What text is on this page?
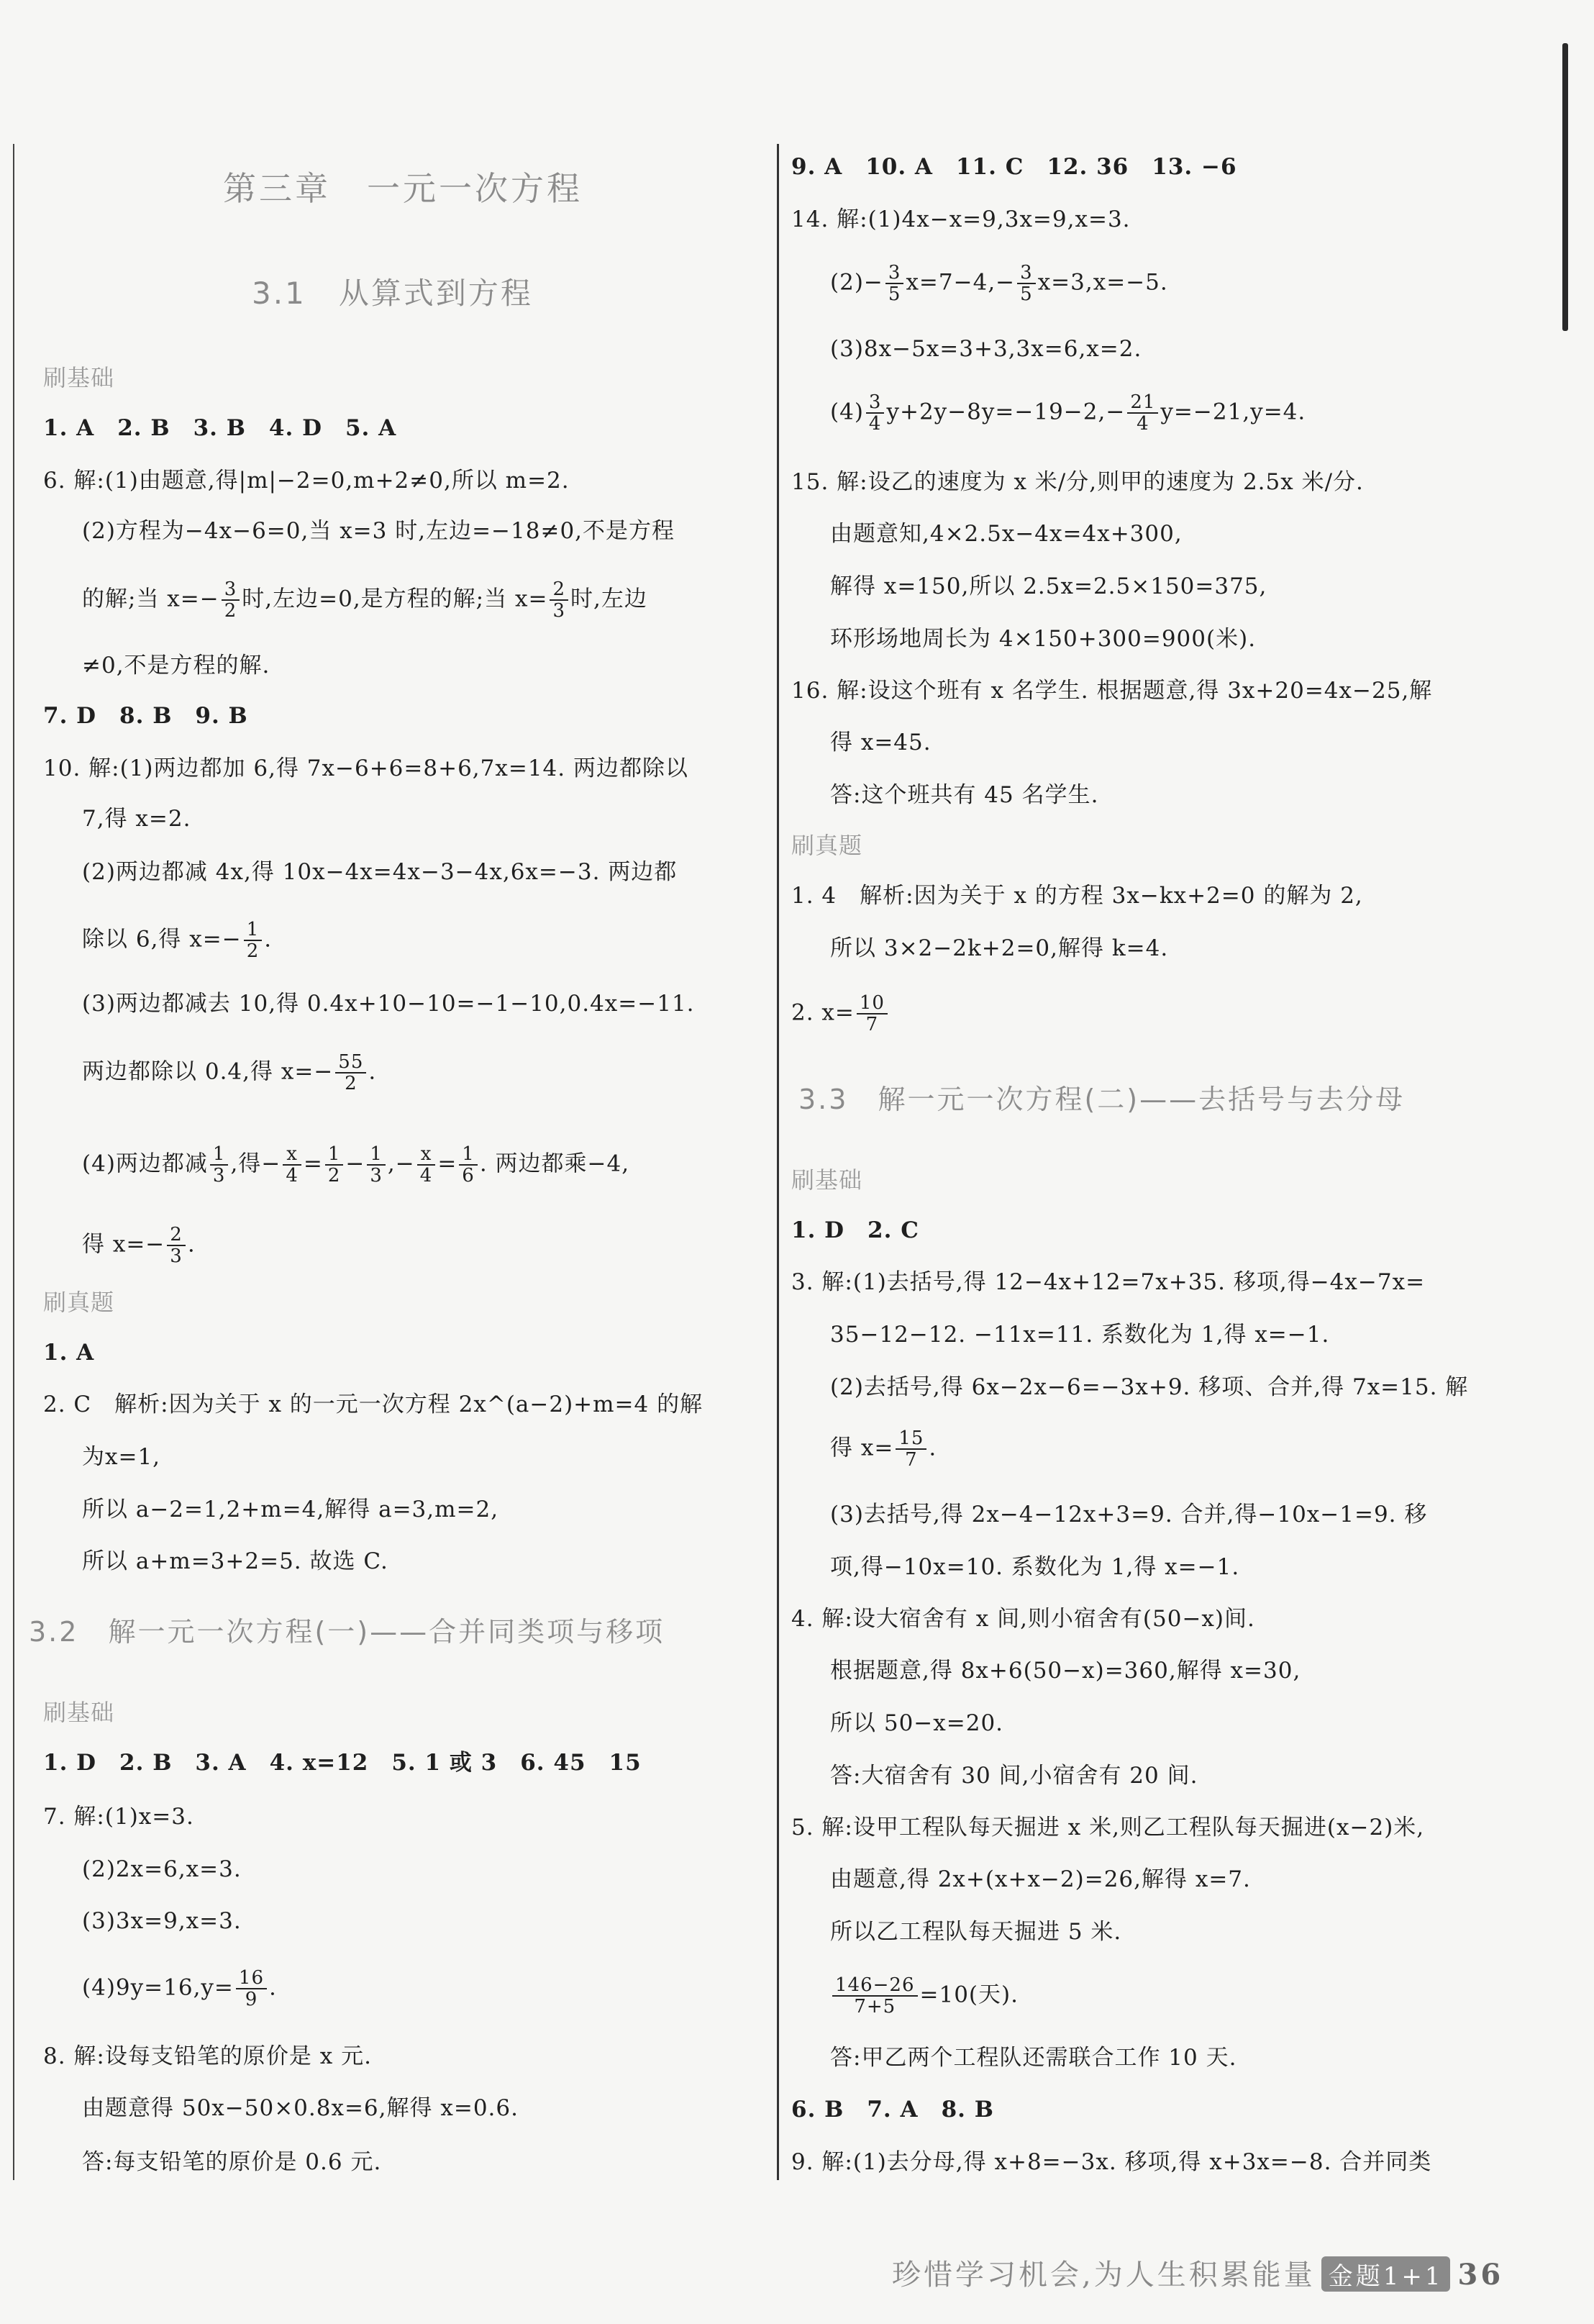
第三章　一元一次方程
3.1　 从算式到方程
刷基础
1. A　2. B　3. B　4. D　5. A
6. 解:(1)由题意,得|m|−2=0,m+2≠0,所以 m=2.
(2)方程为−4x−6=0,当 x=3 时,左边=−18≠0,不是方程
的解;当 $x=- \frac{3}{2}$ 时,左边=0,是方程的解;当 $x= \frac{2}{3}$ 时,左边
≠0,不是方程的解.
7. D　8. B　9. B
10. 解:(1)两边都加 6,得 7x−6+6=8+6,7x=14. 两边都除以
7,得 x=2.
(2)两边都减 4x,得 10x−4x=4x−3−4x,6x=−3. 两边都
除以 6,得 $x=- \frac{1}{2}$ .
(3)两边都减去 10,得 0.4x+10−10=−1−10,0.4x=−11.
两边都除以 0.4,得 $x=- \frac{55}{2}$ .
(4)两边都减 $\frac{1}{3}$ ,得− $\frac{x}{4} = \frac{1}{2} - \frac{1}{3}$ ,− $\frac{x}{4} = \frac{1}{6}$ . 两边都乘−4,
得 $x=- \frac{2}{3}$ .
刷真题
1. A
2. C　解析:因为关于 x 的一元一次方程 2x^(a−2)+m=4 的解
为x=1,
所以 a−2=1,2+m=4,解得 a=3,m=2,
所以 a+m=3+2=5. 故选 C.
3.2　 解一元一次方程(一)——合并同类项与移项
刷基础
1. D　2. B　3. A　4. x=12　5. 1 或 3　6. 45　15
7. 解:(1)x=3.
(2)2x=6,x=3.
(3)3x=9,x=3.
$(4)9y=16,y= \frac{16}{9}$ .
8. 解:设每支铅笔的原价是 x 元.
由题意得 50x−50×0.8x=6,解得 x=0.6.
答:每支铅笔的原价是 0.6 元.
9. A　10. A　11. C　12. 36　13. −6
14. 解:(1)4x−x=9,3x=9,x=3.
$(2)- \frac{3}{5} x=7-4,- \frac{3}{5} x=3,x=-5$.
(3)8x−5x=3+3,3x=6,x=2.
$(4) \frac{3}{4} y+2y-8y=-19-2,- \frac{21}{4} y=-21,y=4$.
15. 解:设乙的速度为 x 米/分,则甲的速度为 2.5x 米/分.
由题意知,4×2.5x−4x=4x+300,
解得 x=150,所以 2.5x=2.5×150=375,
环形场地周长为 4×150+300=900(米).
16. 解:设这个班有 x 名学生. 根据题意,得 3x+20=4x−25,解
得 x=45.
答:这个班共有 45 名学生.
刷真题
1. 4　解析:因为关于 x 的方程 3x−kx+2=0 的解为 2,
所以 3×2−2k+2=0,解得 k=4.
2. $x= \frac{10}{7}$
3.3　 解一元一次方程(二)——去括号与去分母
刷基础
1. D　2. C
3. 解:(1)去括号,得 12−4x+12=7x+35. 移项,得−4x−7x=
35−12−12. −11x=11. 系数化为 1,得 x=−1.
(2)去括号,得 6x−2x−6=−3x+9. 移项、合并,得 7x=15. 解
得 $x= \frac{15}{7}$ .
(3)去括号,得 2x−4−12x+3=9. 合并,得−10x−1=9. 移
项,得−10x=10. 系数化为 1,得 x=−1.
4. 解:设大宿舍有 x 间,则小宿舍有(50−x)间.
根据题意,得 8x+6(50−x)=360,解得 x=30,
所以 50−x=20.
答:大宿舍有 30 间,小宿舍有 20 间.
5. 解:设甲工程队每天掘进 x 米,则乙工程队每天掘进(x−2)米,
由题意,得 2x+(x+x−2)=26,解得 x=7.
所以乙工程队每天掘进 5 米.
$\frac{146-26}{7+5} =10$(天).
答:甲乙两个工程队还需联合工作 10 天.
6. B　7. A　8. B
9. 解:(1)去分母,得 x+8=−3x. 移项,得 x+3x=−8. 合并同类
珍惜学习机会,为人生积累能量 金题1+1 36
